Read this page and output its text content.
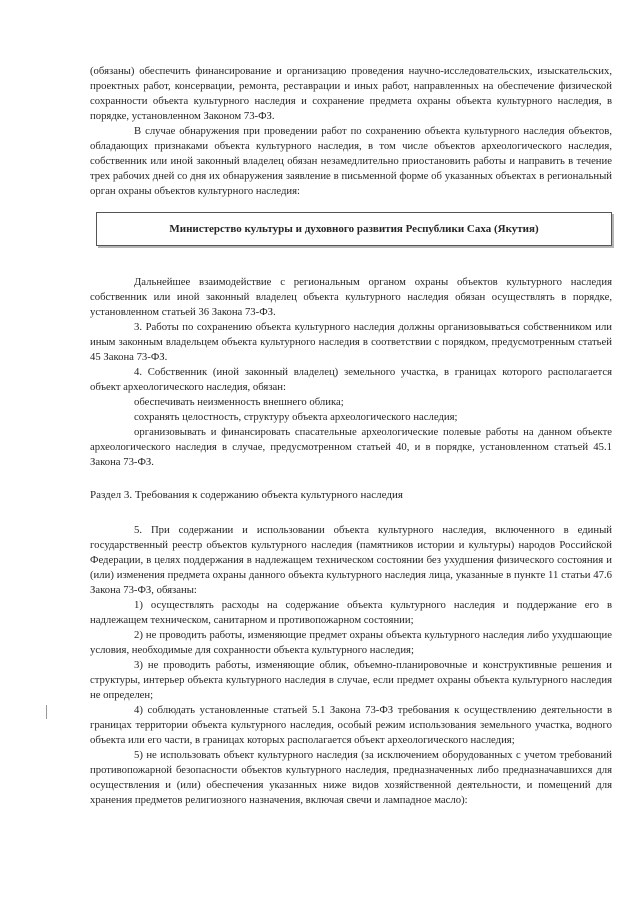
(обязаны) обеспечить финансирование и организацию проведения научно-исследовательских, изыскательских, проектных работ, консервации, ремонта, реставрации и иных работ, направленных на обеспечение физической сохранности объекта культурного наследия и сохранение предмета охраны объекта культурного наследия, в порядке, установленном Законом 73-ФЗ.

В случае обнаружения при проведении работ по сохранению объекта культурного наследия объектов, обладающих признаками объекта культурного наследия, в том числе объектов археологического наследия, собственник или иной законный владелец обязан незамедлительно приостановить работы и направить в течение трех рабочих дней со дня их обнаружения заявление в письменной форме об указанных объектах в региональный орган охраны объектов культурного наследия:

Министерство культуры и духовного развития Республики Саха (Якутия)

Дальнейшее взаимодействие с региональным органом охраны объектов культурного наследия собственник или иной законный владелец объекта культурного наследия обязан осуществлять в порядке, установленном статьей 36 Закона 73-ФЗ.

3. Работы по сохранению объекта культурного наследия должны организовываться собственником или иным законным владельцем объекта культурного наследия в соответствии с порядком, предусмотренным статьей 45 Закона 73-ФЗ.

4. Собственник (иной законный владелец) земельного участка, в границах которого располагается объект археологического наследия, обязан:

обеспечивать неизменность внешнего облика;

сохранять целостность, структуру объекта археологического наследия;

организовывать и финансировать спасательные археологические полевые работы на данном объекте археологического наследия в случае, предусмотренном статьей 40, и в порядке, установленном статьей 45.1 Закона 73-ФЗ.

Раздел 3. Требования к содержанию объекта культурного наследия

5. При содержании и использовании объекта культурного наследия, включенного в единый государственный реестр объектов культурного наследия (памятников истории и культуры) народов Российской Федерации, в целях поддержания в надлежащем техническом состоянии без ухудшения физического состояния и (или) изменения предмета охраны данного объекта культурного наследия лица, указанные в пункте 11 статьи 47.6 Закона 73-ФЗ, обязаны:

1) осуществлять расходы на содержание объекта культурного наследия и поддержание его в надлежащем техническом, санитарном и противопожарном состоянии;

2) не проводить работы, изменяющие предмет охраны объекта культурного наследия либо ухудшающие условия, необходимые для сохранности объекта культурного наследия;

3) не проводить работы, изменяющие облик, объемно-планировочные и конструктивные решения и структуры, интерьер объекта культурного наследия в случае, если предмет охраны объекта культурного наследия не определен;

4) соблюдать установленные статьей 5.1 Закона 73-ФЗ требования к осуществлению деятельности в границах территории объекта культурного наследия, особый режим использования земельного участка, водного объекта или его части, в границах которых располагается объект археологического наследия;

5) не использовать объект культурного наследия (за исключением оборудованных с учетом требований противопожарной безопасности объектов культурного наследия, предназначенных либо предназначавшихся для осуществления и (или) обеспечения указанных ниже видов хозяйственной деятельности, и помещений для хранения предметов религиозного назначения, включая свечи и лампадное масло):
